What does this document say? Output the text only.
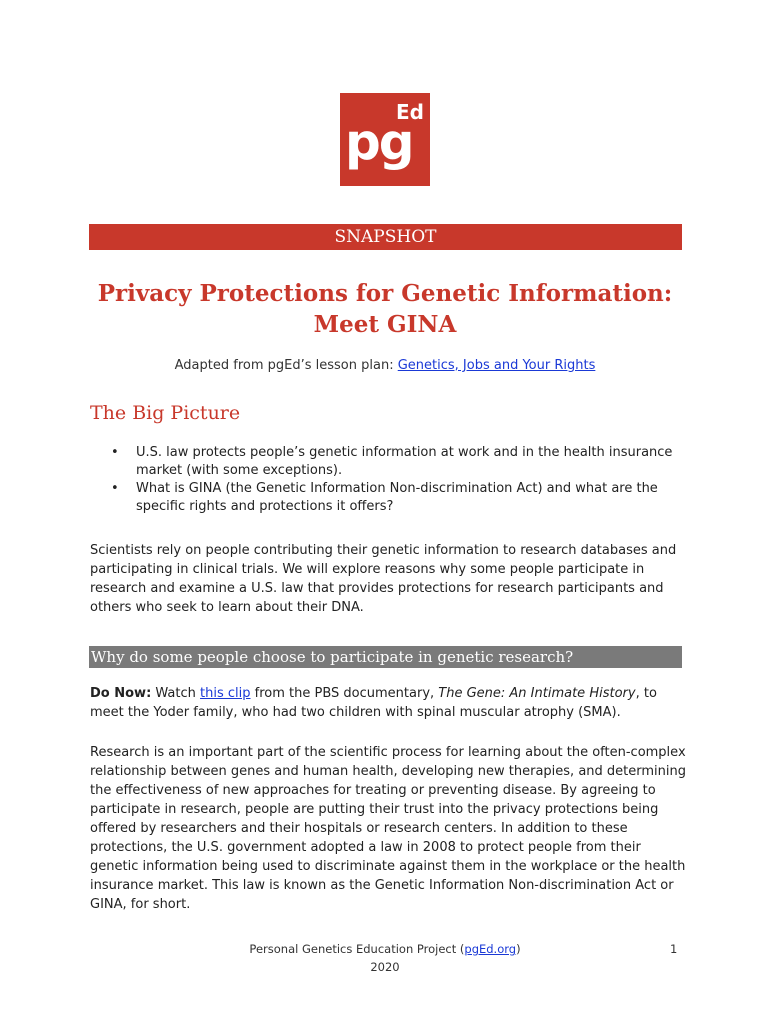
pg
Ed
SNAPSHOT
Privacy Protections for Genetic Information:
Meet GINA
Adapted from pgEd’s lesson plan: Genetics, Jobs and Your Rights
The Big Picture
• U.S. law protects people’s genetic information at work and in the health insurance market (with some exceptions).
• What is GINA (the Genetic Information Non-discrimination Act) and what are the specific rights and protections it offers?

Scientists rely on people contributing their genetic information to research databases and participating in clinical trials. We will explore reasons why some people participate in research and examine a U.S. law that provides protections for research participants and others who seek to learn about their DNA.

Why do some people choose to participate in genetic research?

Do Now: Watch this clip from the PBS documentary, The Gene: An Intimate History, to meet the Yoder family, who had two children with spinal muscular atrophy (SMA).

Research is an important part of the scientific process for learning about the often-complex relationship between genes and human health, developing new therapies, and determining the effectiveness of new approaches for treating or preventing disease. By agreeing to participate in research, people are putting their trust into the privacy protections being offered by researchers and their hospitals or research centers. In addition to these protections, the U.S. government adopted a law in 2008 to protect people from their genetic information being used to discriminate against them in the workplace or the health insurance market. This law is known as the Genetic Information Non-discrimination Act or GINA, for short.

Personal Genetics Education Project (pgEd.org)
2020
1
